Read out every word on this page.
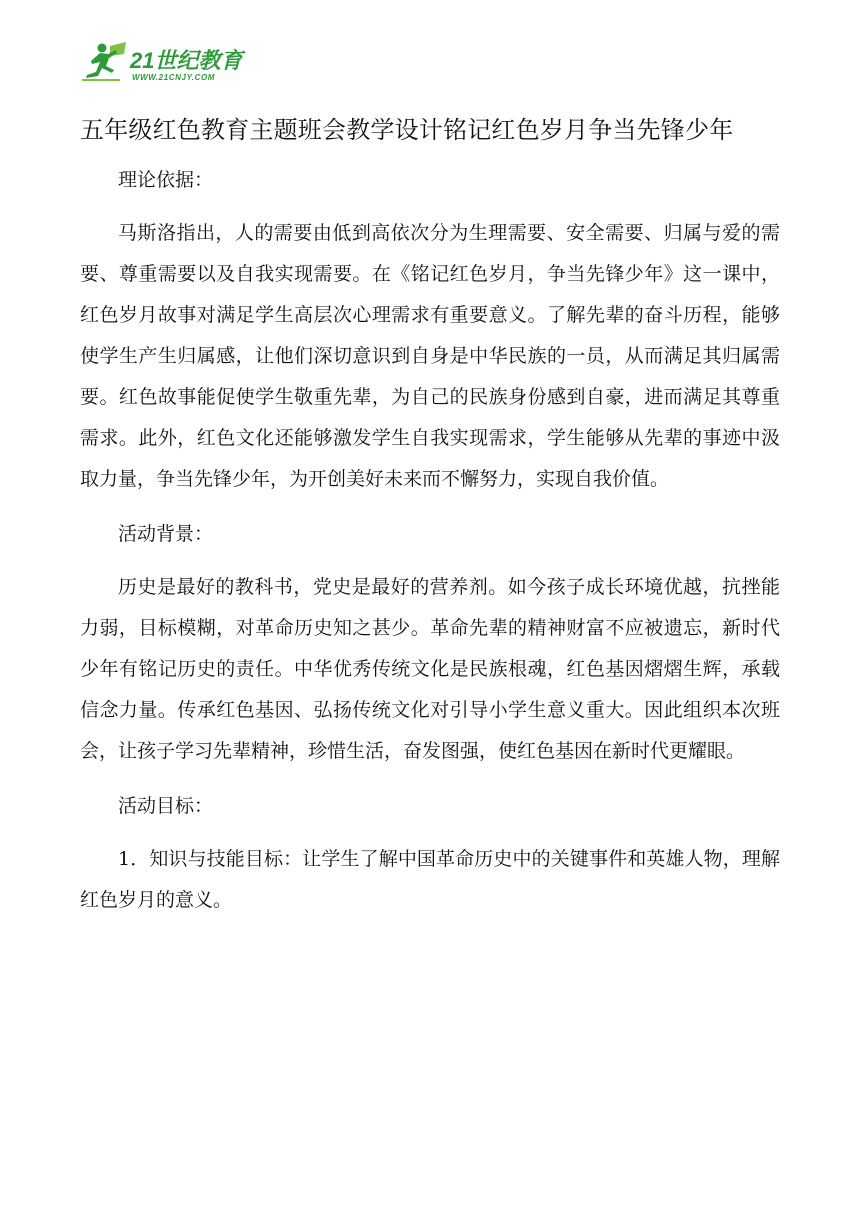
21世纪教育
WWW.21CNJY.COM
五年级红色教育主题班会教学设计铭记红色岁月争当先锋少年

理论依据：

马斯洛指出，人的需要由低到高依次分为生理需要、安全需要、归属与爱的需要、尊重需要以及自我实现需要。在《铭记红色岁月，争当先锋少年》这一课中，红色岁月故事对满足学生高层次心理需求有重要意义。了解先辈的奋斗历程，能够使学生产生归属感，让他们深切意识到自身是中华民族的一员，从而满足其归属需要。红色故事能促使学生敬重先辈，为自己的民族身份感到自豪，进而满足其尊重需求。此外，红色文化还能够激发学生自我实现需求，学生能够从先辈的事迹中汲取力量，争当先锋少年，为开创美好未来而不懈努力，实现自我价值。

活动背景：

历史是最好的教科书，党史是最好的营养剂。如今孩子成长环境优越，抗挫能力弱，目标模糊，对革命历史知之甚少。革命先辈的精神财富不应被遗忘，新时代少年有铭记历史的责任。中华优秀传统文化是民族根魂，红色基因熠熠生辉，承载信念力量。传承红色基因、弘扬传统文化对引导小学生意义重大。因此组织本次班会，让孩子学习先辈精神，珍惜生活，奋发图强，使红色基因在新时代更耀眼。

活动目标：

1．知识与技能目标：让学生了解中国革命历史中的关键事件和英雄人物，理解红色岁月的意义。
